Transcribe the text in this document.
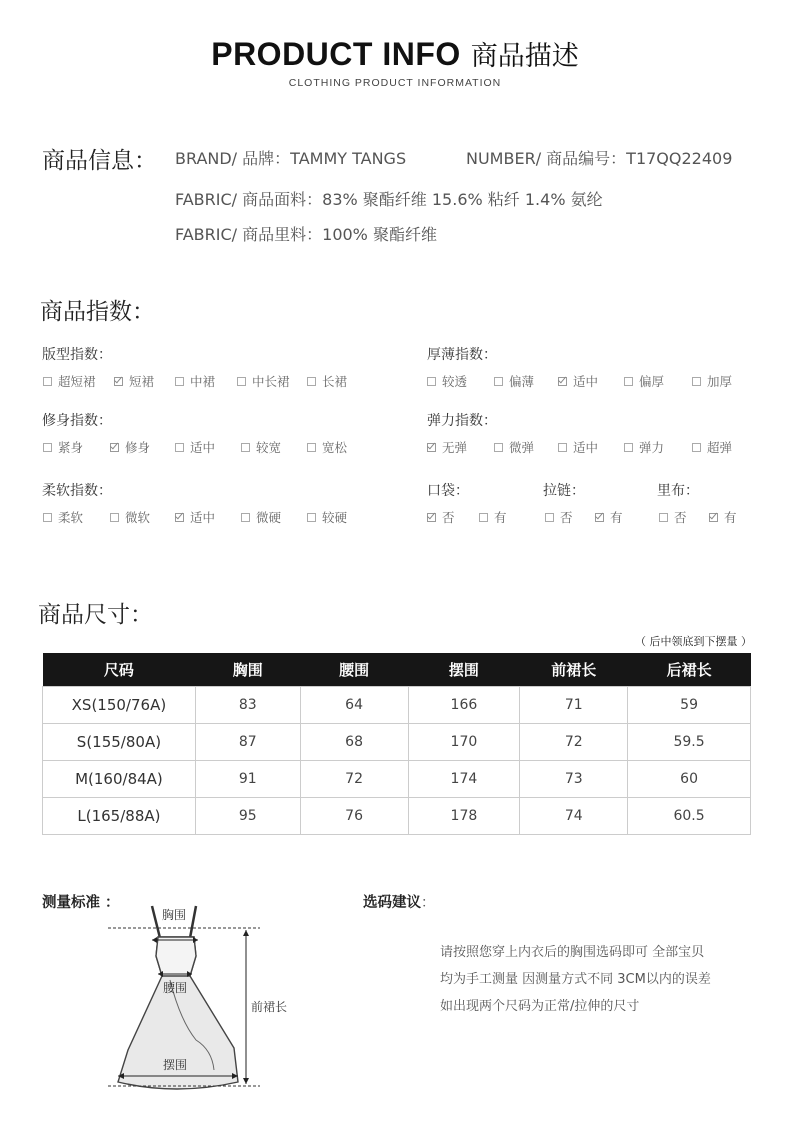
PRODUCT INFO 商品描述
CLOTHING PRODUCT INFORMATION
商品信息： BRAND/ 品牌：TAMMY TANGS	NUMBER/ 商品编号：T17QQ22409
FABRIC/ 商品面料：83% 聚酯纤维 15.6% 粘纤 1.4% 氨纶
FABRIC/ 商品里料：100% 聚酯纤维
商品指数：
版型指数：
超短裙	短裙	中裙	中长裙	长裙
厚薄指数：
较透	偏薄	适中	偏厚	加厚
修身指数：
紧身	修身	适中	较宽	宽松
弹力指数：
无弹	微弹	适中	弹力	超弹
柔软指数：
柔软	微软	适中	微硬	较硬
口袋：
否	有
拉链：
否	有
里布：
否	有
商品尺寸：
（ 后中领底到下摆量 ）
尺码	胸围	腰围	摆围	前裙长	后裙长
XS(150/76A)	83	64	166	71	59
S(155/80A)	87	68	170	72	59.5
M(160/84A)	91	72	174	73	60
L(165/88A)	95	76	178	74	60.5
测量标准 ：
胸围
腰围
摆围
前裙长
选码建议：
请按照您穿上内衣后的胸围选码即可 全部宝贝
均为手工测量 因测量方式不同 3CM以内的误差
如出现两个尺码为正常/拉伸的尺寸
